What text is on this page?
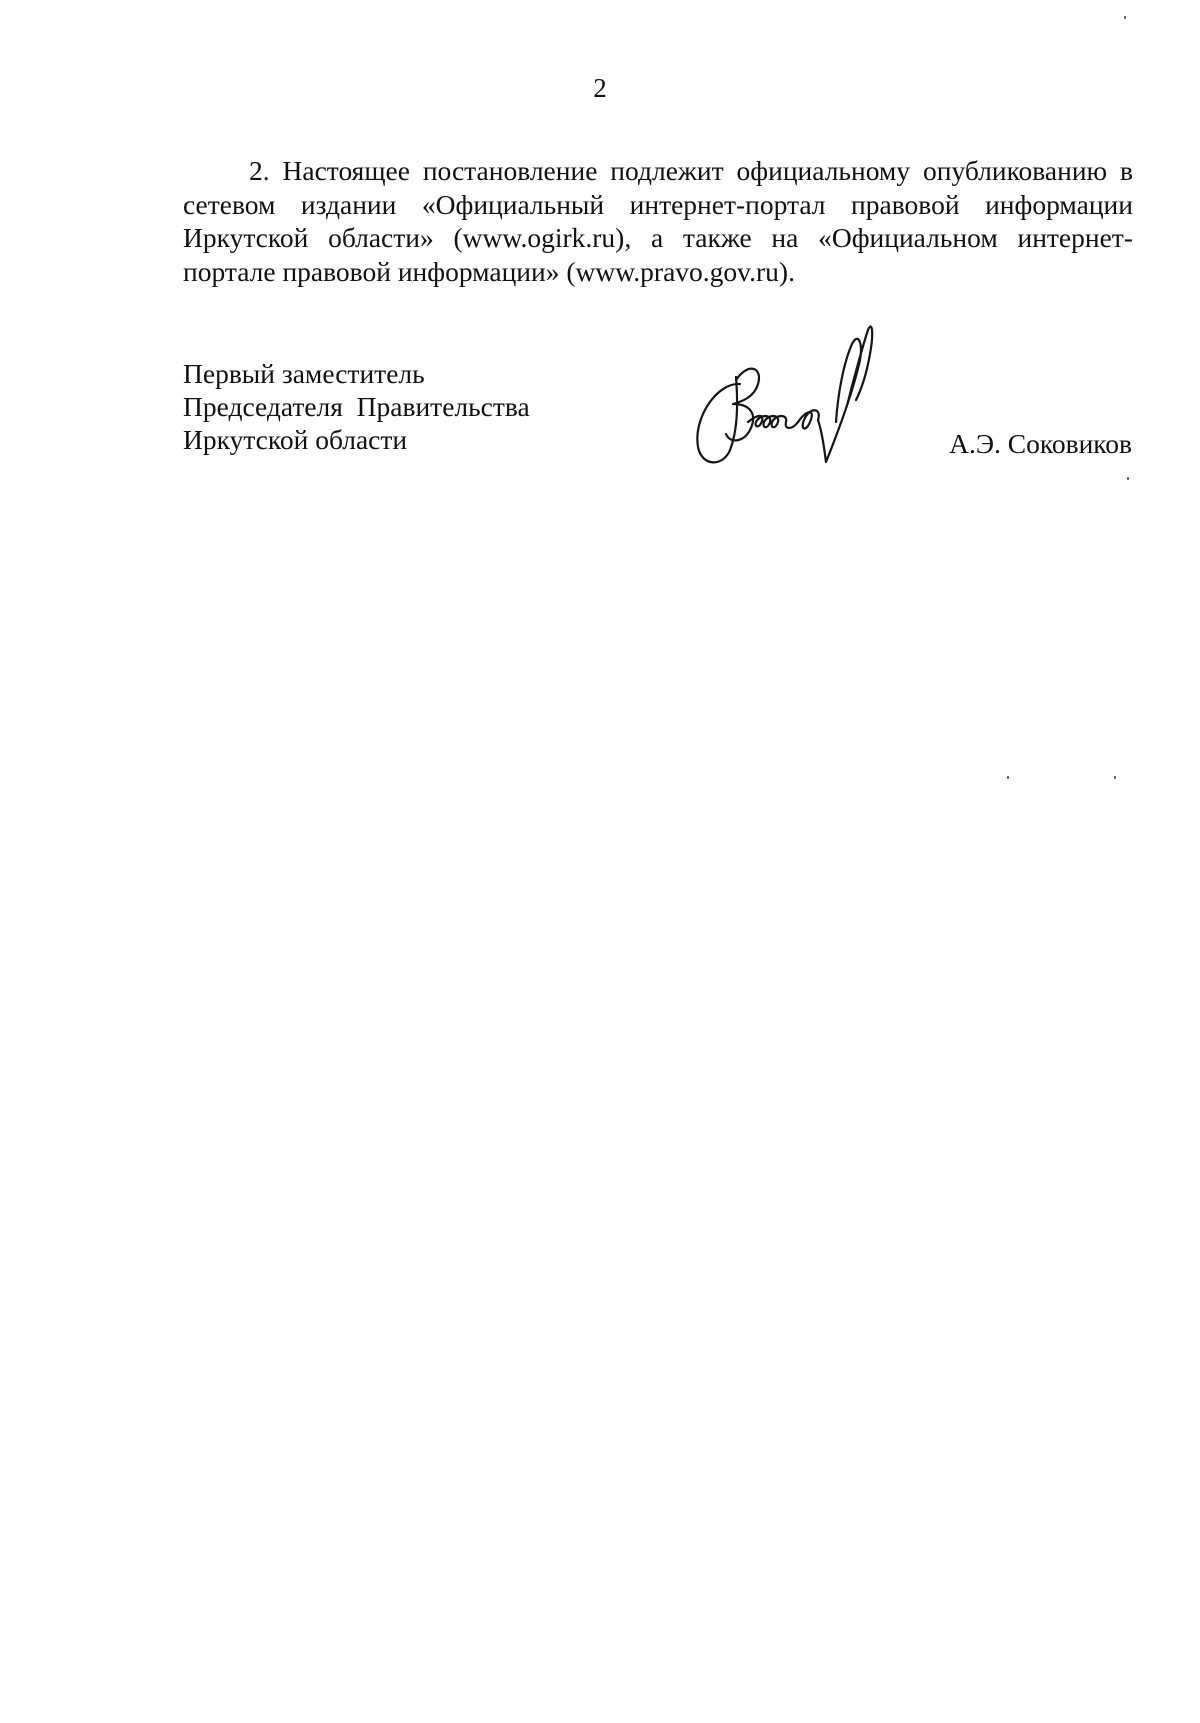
2

2. Настоящее постановление подлежит официальному опубликованию в сетевом издании «Официальный интернет-портал правовой информации Иркутской области» (www.ogirk.ru), а также на «Официальном интернет-портале правовой информации» (www.pravo.gov.ru).

Первый заместитель
Председателя  Правительства
Иркутской области	А.Э. Соковиков
